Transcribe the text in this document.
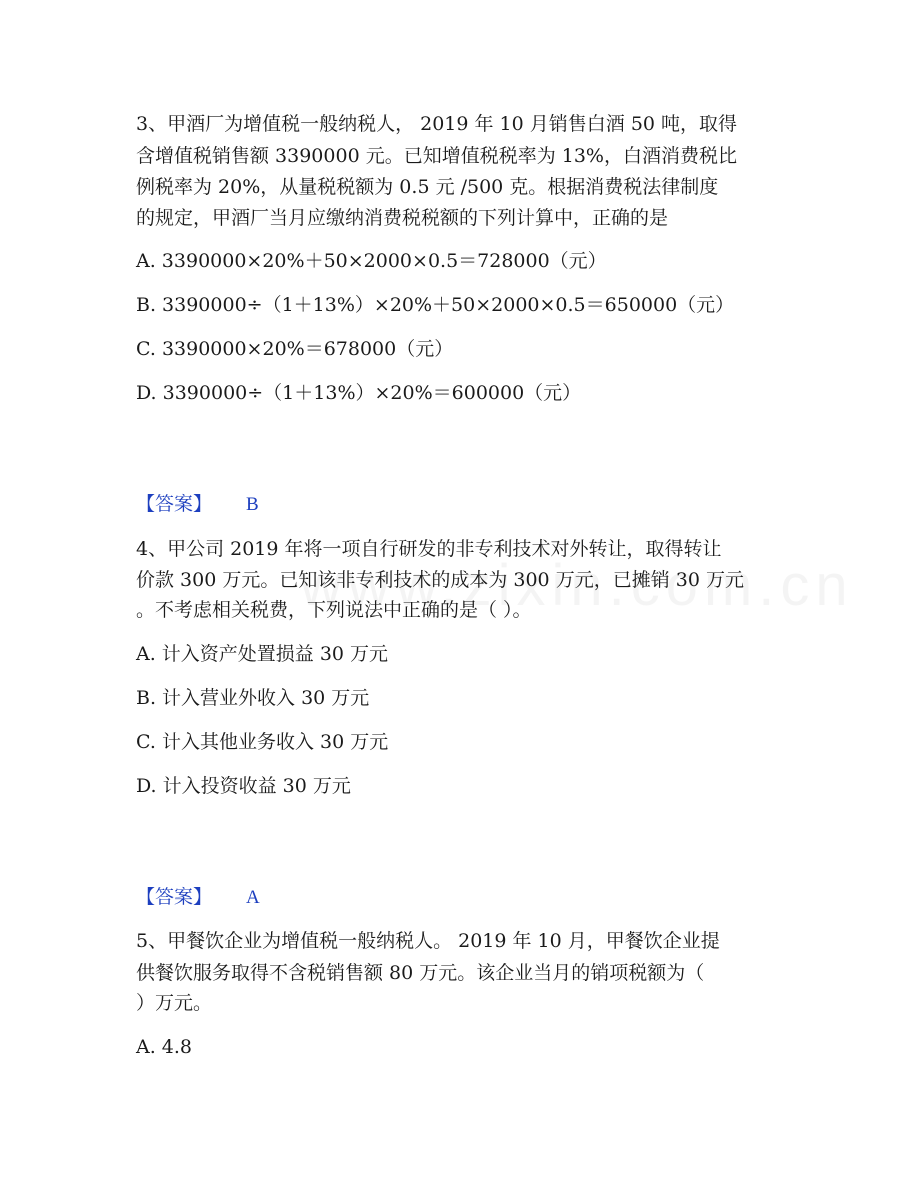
3、甲酒厂为增值税一般纳税人， 2019 年 10 月销售白酒 50 吨，取得
含增值税销售额 3390000 元。已知增值税税率为 13%，白酒消费税比
例税率为 20%，从量税税额为 0.5 元 /500 克。根据消费税法律制度
的规定，甲酒厂当月应缴纳消费税税额的下列计算中，正确的是
A. 3390000×20%＋50×2000×0.5＝728000（元）
B. 3390000÷（1＋13%）×20%＋50×2000×0.5＝650000（元）
C. 3390000×20%＝678000（元）
D. 3390000÷（1＋13%）×20%＝600000（元）
【答案】 B
4、甲公司 2019 年将一项自行研发的非专利技术对外转让，取得转让
价款 300 万元。已知该非专利技术的成本为 300 万元，已摊销 30 万元
。不考虑相关税费，下列说法中正确的是（ ）。
A. 计入资产处置损益 30 万元
B. 计入营业外收入 30 万元
C. 计入其他业务收入 30 万元
D. 计入投资收益 30 万元
【答案】 A
5、甲餐饮企业为增值税一般纳税人。 2019 年 10 月，甲餐饮企业提
供餐饮服务取得不含税销售额 80 万元。该企业当月的销项税额为（
）万元。
A. 4.8
